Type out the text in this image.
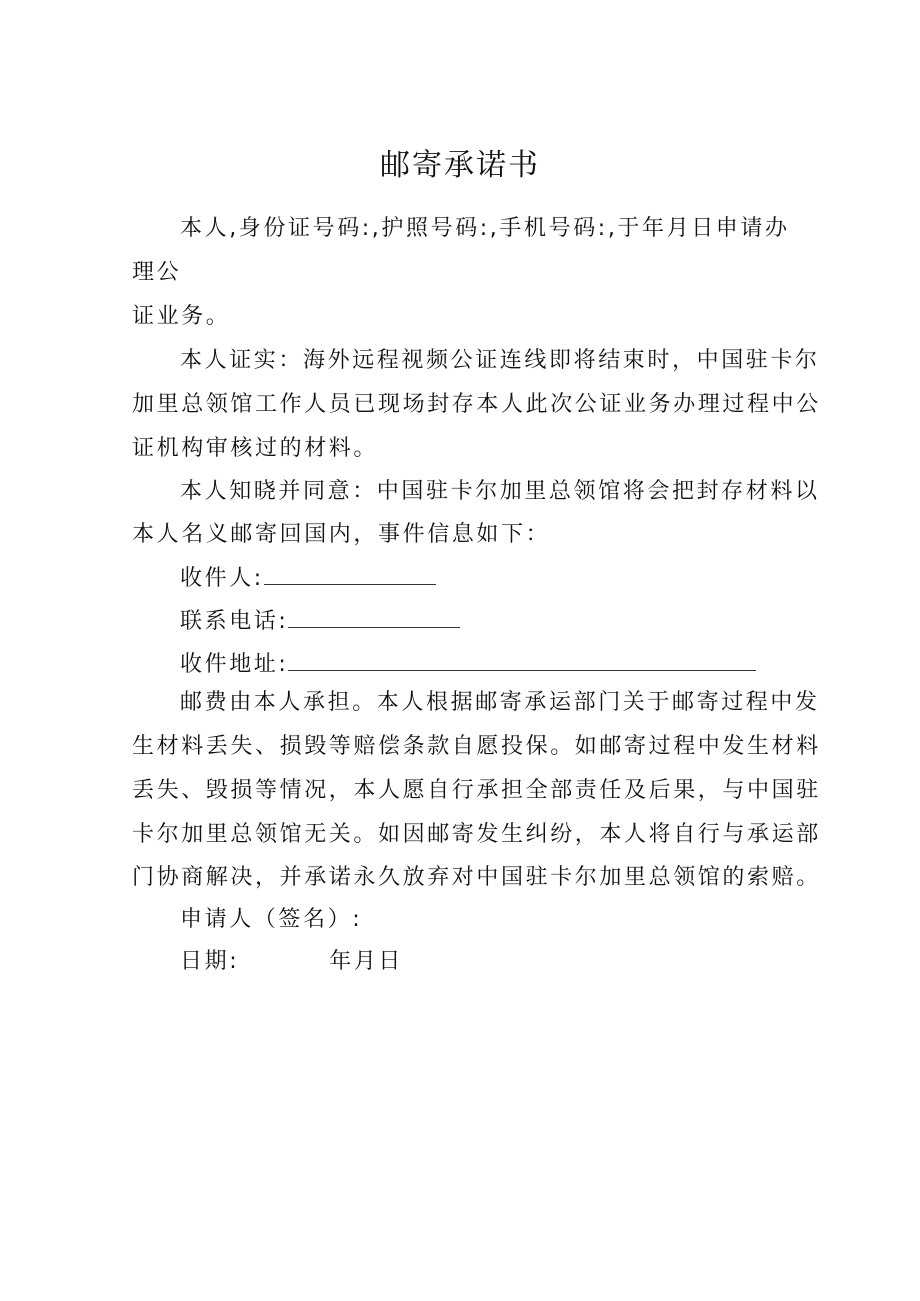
邮寄承诺书
本人,身份证号码:,护照号码:,手机号码:,于年月日申请办
理公
证业务。
本人证实：海外远程视频公证连线即将结束时，中国驻卡尔
加里总领馆工作人员已现场封存本人此次公证业务办理过程中公
证机构审核过的材料。
本人知晓并同意：中国驻卡尔加里总领馆将会把封存材料以
本人名义邮寄回国内，事件信息如下：
收件人:
联系电话:
收件地址:
邮费由本人承担。本人根据邮寄承运部门关于邮寄过程中发
生材料丢失、损毁等赔偿条款自愿投保。如邮寄过程中发生材料
丢失、毁损等情况，本人愿自行承担全部责任及后果，与中国驻
卡尔加里总领馆无关。如因邮寄发生纠纷，本人将自行与承运部
门协商解决，并承诺永久放弃对中国驻卡尔加里总领馆的索赔。
申请人（签名）:
日期:	年月日
